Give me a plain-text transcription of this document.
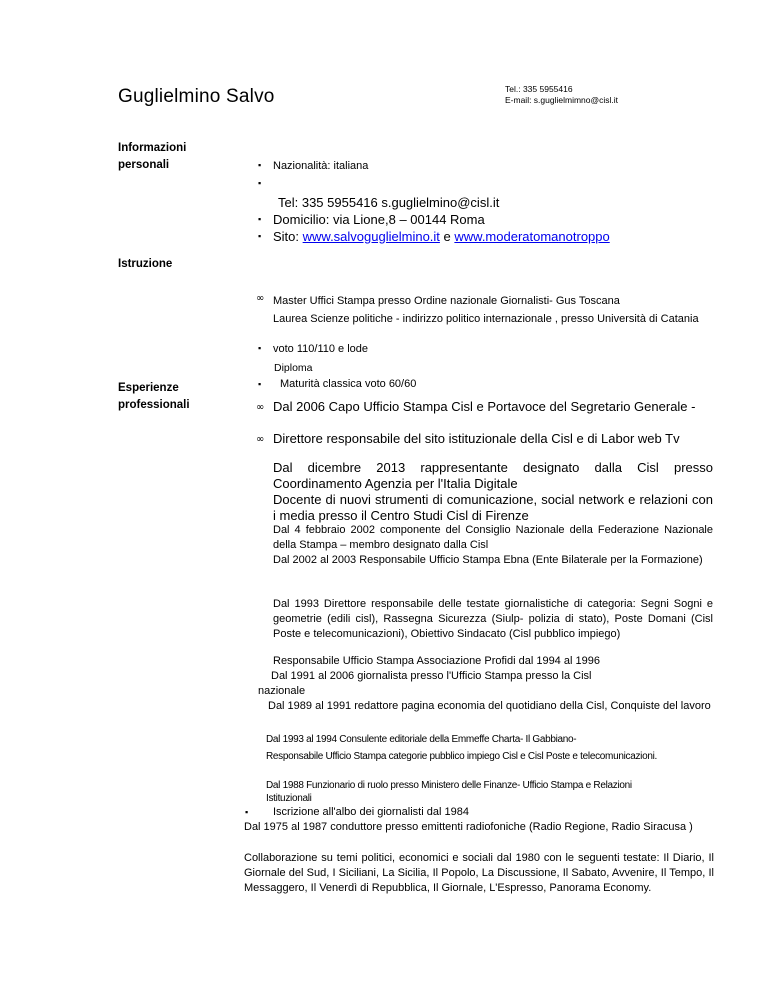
Guglielmino Salvo	Tel.: 335 5955416
E-mail: s.guglielmimno@cisl.it
Informazioni
personali	▪ Nazionalità: italiana
▪
Tel: 335 5955416 s.guglielmino@cisl.it
▪ Domicilio: via Lione,8 – 00144 Roma
▪ Sito: www.salvoguglielmino.it e www.moderatomanotroppo
Istruzione
∞ Master Uffici Stampa presso Ordine nazionale Giornalisti- Gus Toscana
Laurea Scienze politiche - indirizzo politico internazionale , presso Università di Catania
▪ voto 110/110 e lode
Diploma
▪ Maturità classica voto 60/60
Esperienze
professionali	∞ Dal 2006 Capo Ufficio Stampa Cisl e Portavoce del Segretario Generale -
∞ Direttore responsabile del sito istituzionale della Cisl e di Labor web Tv
Dal dicembre 2013 rappresentante designato dalla Cisl presso Coordinamento Agenzia per l'Italia Digitale
Docente di nuovi strumenti di comunicazione, social network e relazioni con i media presso il Centro Studi Cisl di Firenze
Dal 4 febbraio 2002 componente del Consiglio Nazionale della Federazione Nazionale della Stampa – membro designato dalla Cisl
Dal 2002 al 2003 Responsabile Ufficio Stampa Ebna (Ente Bilaterale per la Formazione)
Dal 1993 Direttore responsabile delle testate giornalistiche di categoria: Segni Sogni e geometrie (edili cisl), Rassegna Sicurezza (Siulp- polizia di stato), Poste Domani (Cisl Poste e telecomunicazioni), Obiettivo Sindacato (Cisl pubblico impiego)
Responsabile Ufficio Stampa Associazione Profidi dal 1994 al 1996
Dal 1991 al 2006 giornalista presso l'Ufficio Stampa presso la Cisl
nazionale
Dal 1989 al 1991 redattore pagina economia del quotidiano della Cisl, Conquiste del lavoro
Dal 1993 al 1994 Consulente editoriale della Emmeffe Charta- Il Gabbiano-
Responsabile Ufficio Stampa categorie pubblico impiego Cisl e Cisl Poste e telecomunicazioni.
Dal 1988 Funzionario di ruolo presso Ministero delle Finanze- Ufficio Stampa e Relazioni Istituzionali
▪ Iscrizione all'albo dei giornalisti dal 1984
Dal 1975 al 1987 conduttore presso emittenti radiofoniche (Radio Regione, Radio Siracusa )
Collaborazione su temi politici, economici e sociali dal 1980 con le seguenti testate: Il Diario, Il Giornale del Sud, I Siciliani, La Sicilia, Il Popolo, La Discussione, Il Sabato, Avvenire, Il Tempo, Il Messaggero, Il Venerdì di Repubblica, Il Giornale, L'Espresso, Panorama Economy.
